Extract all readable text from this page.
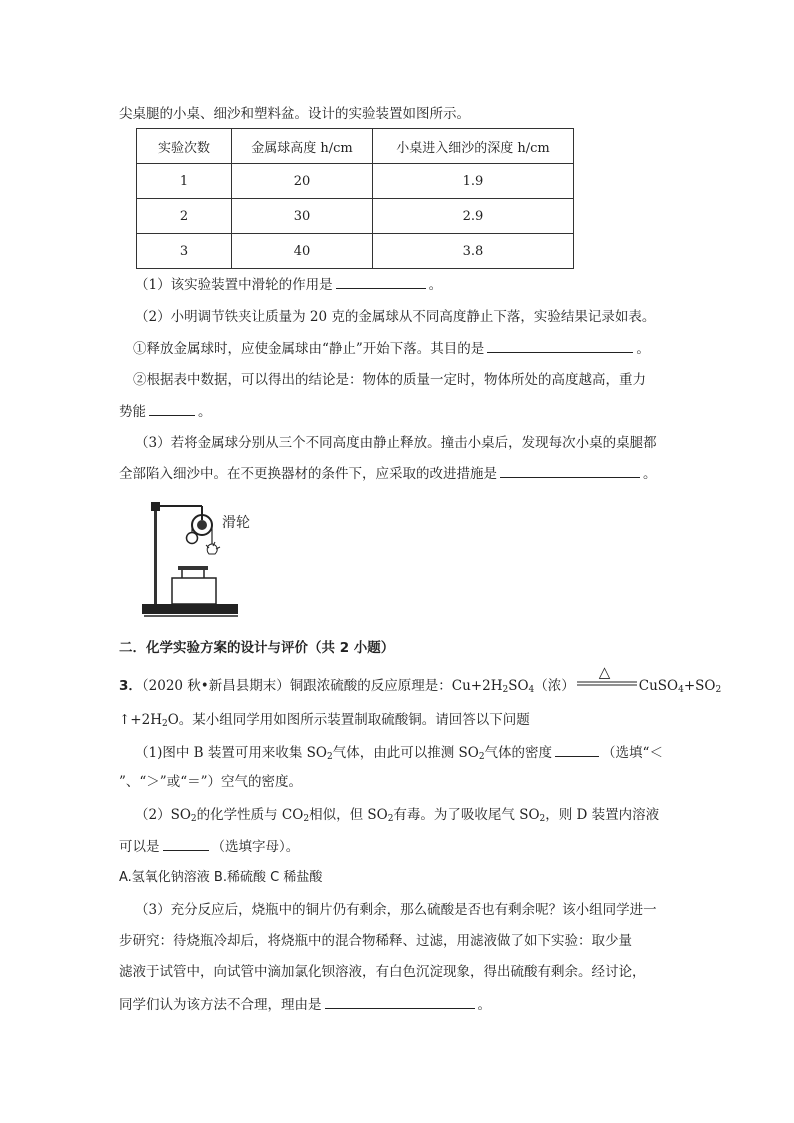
尖桌腿的小桌、细沙和塑料盆。设计的实验装置如图所示。
实验次数	金属球高度 h/cm	小桌进入细沙的深度 h/cm
1	20	1.9
2	30	2.9
3	40	3.8
（1）该实验装置中滑轮的作用是	。
（2）小明调节铁夹让质量为 20 克的金属球从不同高度静止下落，实验结果记录如表。
①释放金属球时，应使金属球由“静止”开始下落。其目的是	。
②根据表中数据，可以得出的结论是：物体的质量一定时，物体所处的高度越高，重力
势能	。
（3）若将金属球分别从三个不同高度由静止释放。撞击小桌后，发现每次小桌的桌腿都
全部陷入细沙中。在不更换器材的条件下，应采取的改进措施是	。
滑轮
二．化学实验方案的设计与评价（共 2 小题）
3．（2020 秋•新昌县期末）铜跟浓硫酸的反应原理是：$Cu+2H_2SO_4$（浓）
△
$CuSO_4+SO_2$
$↑+2H_2O$。某小组同学用如图所示装置制取硫酸铜。请回答以下问题
（1)图中 B 装置可用来收集 $SO_2$气体，由此可以推测 $SO_2$气体的密度	（选填“＜
”、“＞”或“＝”）空气的密度。
$(2)SO_2$的化学性质与 $CO_2$相似，但 $SO_2$有毒。为了吸收尾气 $SO_2$，则 D 装置内溶液
可以是	（选填字母）。
A.氢氧化钠溶液 B.稀硫酸 C 稀盐酸
（3）充分反应后，烧瓶中的铜片仍有剩余，那么硫酸是否也有剩余呢？该小组同学进一
步研究：待烧瓶冷却后，将烧瓶中的混合物稀释、过滤，用滤液做了如下实验：取少量
滤液于试管中，向试管中滴加氯化钡溶液，有白色沉淀现象，得出硫酸有剩余。经讨论，
同学们认为该方法不合理，理由是	。
